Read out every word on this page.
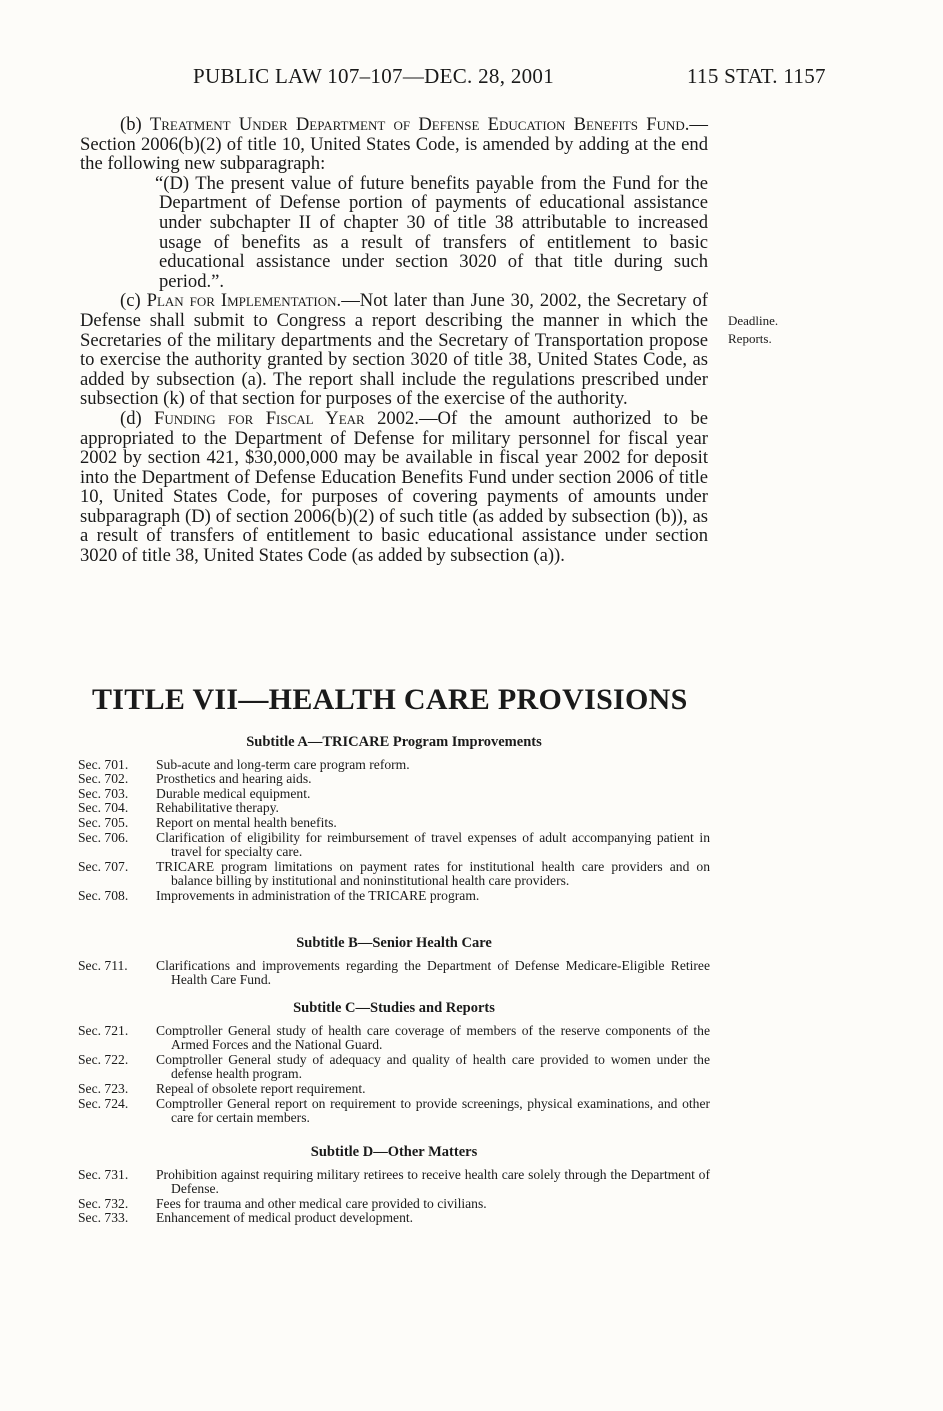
PUBLIC LAW 107–107—DEC. 28, 2001	115 STAT. 1157

(b) Treatment Under Department of Defense Education Benefits Fund.—Section 2006(b)(2) of title 10, United States Code, is amended by adding at the end the following new subparagraph:

“(D) The present value of future benefits payable from the Fund for the Department of Defense portion of payments of educational assistance under subchapter II of chapter 30 of title 38 attributable to increased usage of benefits as a result of transfers of entitlement to basic educational assistance under section 3020 of that title during such period.”.

(c) Plan for Implementation.—Not later than June 30, 2002, the Secretary of Defense shall submit to Congress a report describing the manner in which the Secretaries of the military departments and the Secretary of Transportation propose to exercise the authority granted by section 3020 of title 38, United States Code, as added by subsection (a). The report shall include the regulations prescribed under subsection (k) of that section for purposes of the exercise of the authority.

(d) Funding for Fiscal Year 2002.—Of the amount authorized to be appropriated to the Department of Defense for military personnel for fiscal year 2002 by section 421, $30,000,000 may be available in fiscal year 2002 for deposit into the Department of Defense Education Benefits Fund under section 2006 of title 10, United States Code, for purposes of covering payments of amounts under subparagraph (D) of section 2006(b)(2) of such title (as added by subsection (b)), as a result of transfers of entitlement to basic educational assistance under section 3020 of title 38, United States Code (as added by subsection (a)).

Deadline.
Reports.
TITLE VII—HEALTH CARE PROVISIONS

Subtitle A—TRICARE Program Improvements

Sec. 701.	Sub-acute and long-term care program reform.
Sec. 702.	Prosthetics and hearing aids.
Sec. 703.	Durable medical equipment.
Sec. 704.	Rehabilitative therapy.
Sec. 705.	Report on mental health benefits.
Sec. 706.	Clarification of eligibility for reimbursement of travel expenses of adult accompanying patient in travel for specialty care.
Sec. 707.	TRICARE program limitations on payment rates for institutional health care providers and on balance billing by institutional and noninstitutional health care providers.
Sec. 708.	Improvements in administration of the TRICARE program.

Subtitle B—Senior Health Care

Sec. 711.	Clarifications and improvements regarding the Department of Defense Medicare-Eligible Retiree Health Care Fund.

Subtitle C—Studies and Reports

Sec. 721.	Comptroller General study of health care coverage of members of the reserve components of the Armed Forces and the National Guard.
Sec. 722.	Comptroller General study of adequacy and quality of health care provided to women under the defense health program.
Sec. 723.	Repeal of obsolete report requirement.
Sec. 724.	Comptroller General report on requirement to provide screenings, physical examinations, and other care for certain members.

Subtitle D—Other Matters

Sec. 731.	Prohibition against requiring military retirees to receive health care solely through the Department of Defense.
Sec. 732.	Fees for trauma and other medical care provided to civilians.
Sec. 733.	Enhancement of medical product development.
